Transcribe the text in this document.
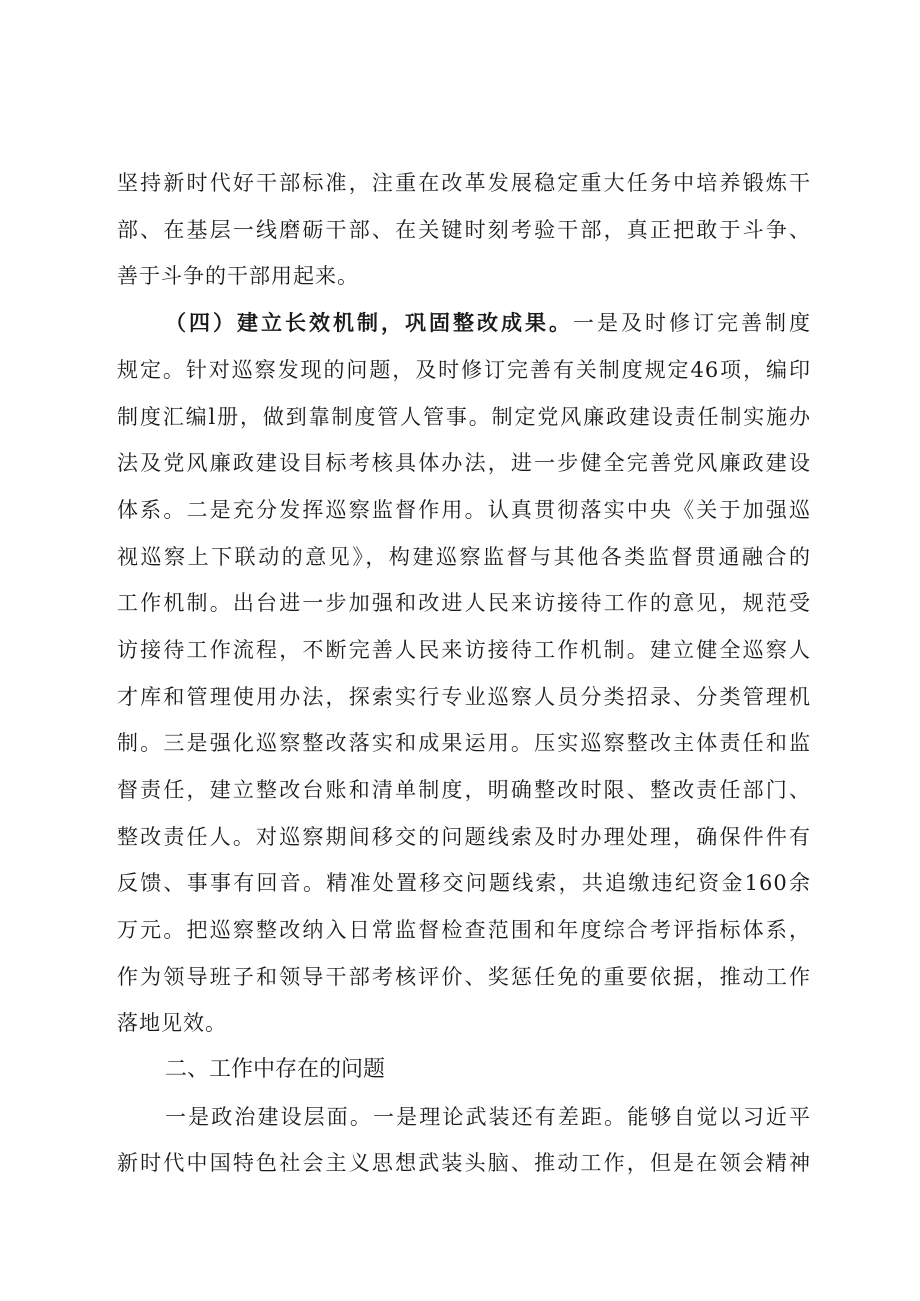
坚持新时代好干部标准，注重在改革发展稳定重大任务中培养锻炼干
部、在基层一线磨砺干部、在关键时刻考验干部，真正把敢于斗争、
善于斗争的干部用起来。
（四）建立长效机制，巩固整改成果。一是及时修订完善制度
规定。针对巡察发现的问题，及时修订完善有关制度规定46项，编印
制度汇编l册，做到靠制度管人管事。制定党风廉政建设责任制实施办
法及党风廉政建设目标考核具体办法，进一步健全完善党风廉政建设
体系。二是充分发挥巡察监督作用。认真贯彻落实中央《关于加强巡
视巡察上下联动的意见》，构建巡察监督与其他各类监督贯通融合的
工作机制。出台进一步加强和改进人民来访接待工作的意见，规范受
访接待工作流程，不断完善人民来访接待工作机制。建立健全巡察人
才库和管理使用办法，探索实行专业巡察人员分类招录、分类管理机
制。三是强化巡察整改落实和成果运用。压实巡察整改主体责任和监
督责任，建立整改台账和清单制度，明确整改时限、整改责任部门、
整改责任人。对巡察期间移交的问题线索及时办理处理，确保件件有
反馈、事事有回音。精准处置移交问题线索，共追缴违纪资金160余
万元。把巡察整改纳入日常监督检查范围和年度综合考评指标体系，
作为领导班子和领导干部考核评价、奖惩任免的重要依据，推动工作
落地见效。
二、工作中存在的问题
一是政治建设层面。一是理论武装还有差距。能够自觉以习近平
新时代中国特色社会主义思想武装头脑、推动工作，但是在领会精神
